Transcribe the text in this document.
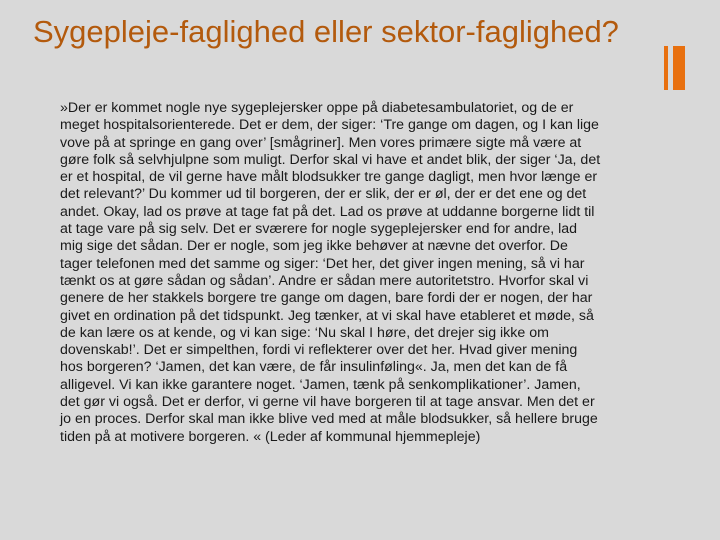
Sygepleje-faglighed eller sektor-faglighed?

»Der er kommet nogle nye sygeplejersker oppe på diabetesambulatoriet, og de er
meget hospitalsorienterede. Det er dem, der siger: ‘Tre gange om dagen, og I kan lige
vove på at springe en gang over’ [smågriner]. Men vores primære sigte må være at
gøre folk så selvhjulpne som muligt. Derfor skal vi have et andet blik, der siger ‘Ja, det
er et hospital, de vil gerne have målt blodsukker tre gange dagligt, men hvor længe er
det relevant?’ Du kommer ud til borgeren, der er slik, der er øl, der er det ene og det
andet. Okay, lad os prøve at tage fat på det. Lad os prøve at uddanne borgerne lidt til
at tage vare på sig selv. Det er sværere for nogle sygeplejersker end for andre, lad
mig sige det sådan. Der er nogle, som jeg ikke behøver at nævne det overfor. De
tager telefonen med det samme og siger: ‘Det her, det giver ingen mening, så vi har
tænkt os at gøre sådan og sådan’. Andre er sådan mere autoritetstro. Hvorfor skal vi
genere de her stakkels borgere tre gange om dagen, bare fordi der er nogen, der har
givet en ordination på det tidspunkt. Jeg tænker, at vi skal have etableret et møde, så
de kan lære os at kende, og vi kan sige: ‘Nu skal I høre, det drejer sig ikke om
dovenskab!’. Det er simpelthen, fordi vi reflekterer over det her. Hvad giver mening
hos borgeren? ‘Jamen, det kan være, de får insulinføling«. Ja, men det kan de få
alligevel. Vi kan ikke garantere noget. ‘Jamen, tænk på senkomplikationer’. Jamen,
det gør vi også. Det er derfor, vi gerne vil have borgeren til at tage ansvar. Men det er
jo en proces. Derfor skal man ikke blive ved med at måle blodsukker, så hellere bruge
tiden på at motivere borgeren. « (Leder af kommunal hjemmepleje)
